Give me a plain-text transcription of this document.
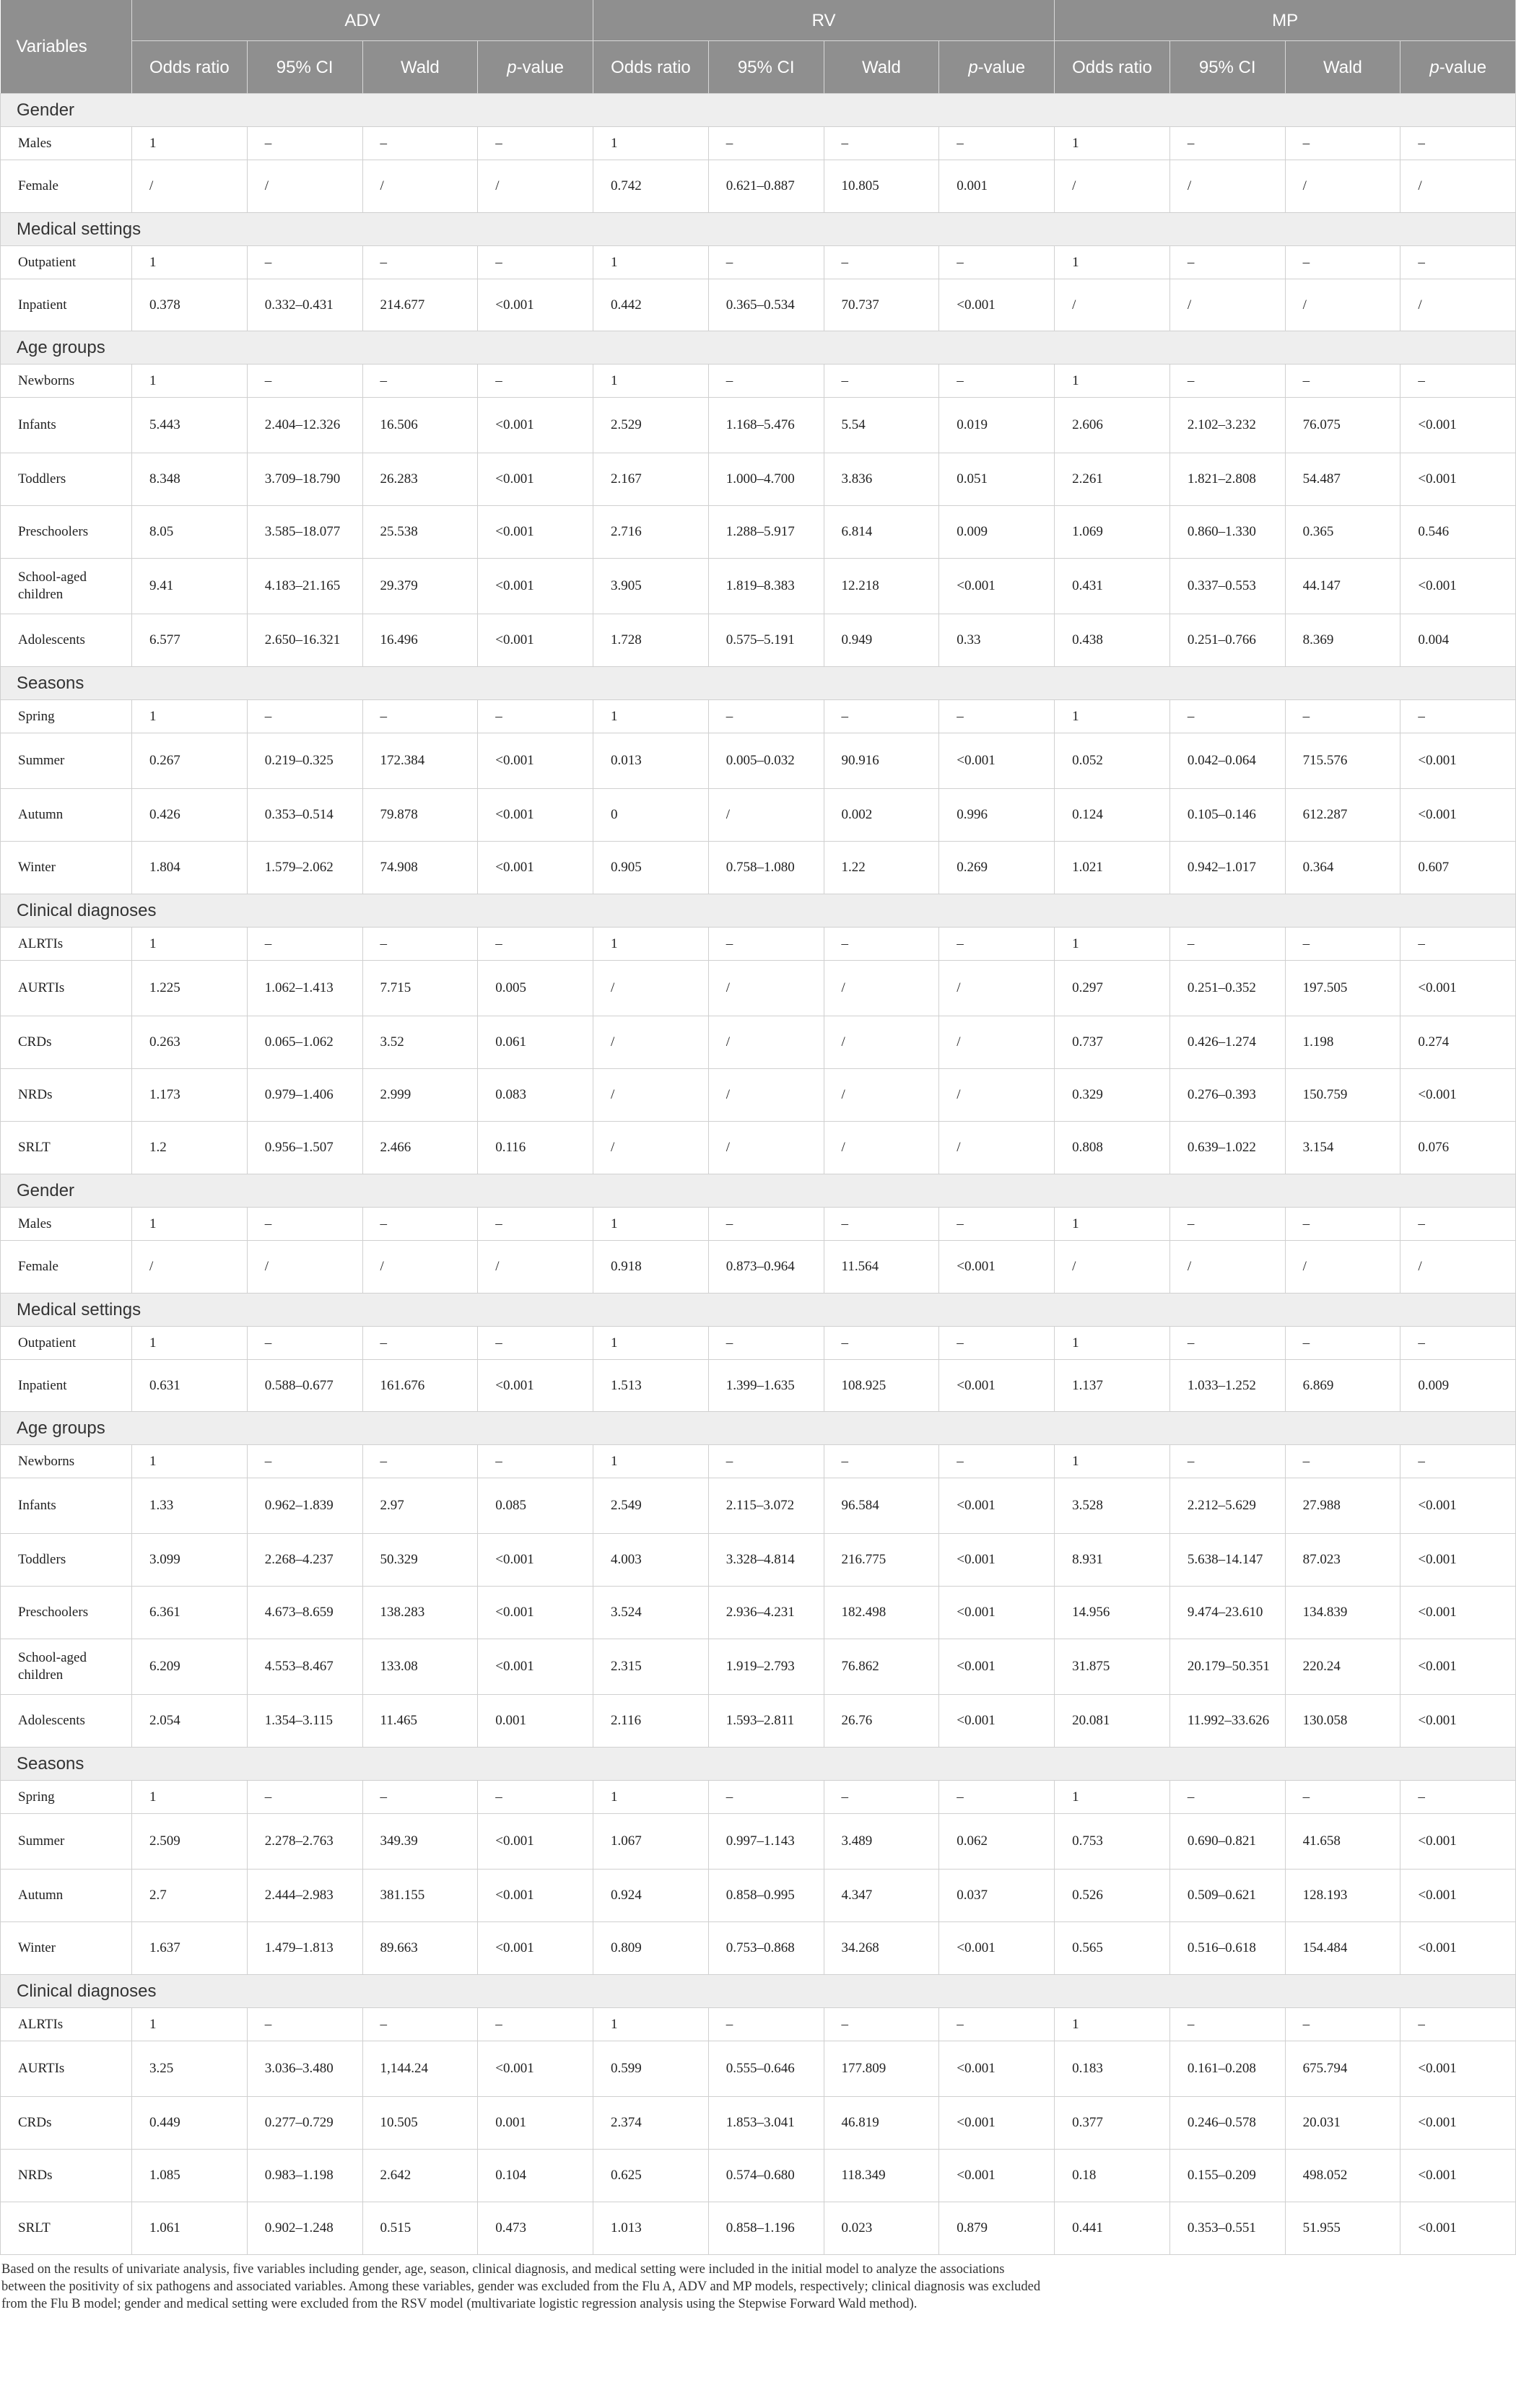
Variables	ADV				RV				MP			
	Odds ratio	95% CI	Wald	p-value	Odds ratio	95% CI	Wald	p-value	Odds ratio	95% CI	Wald	p-value
Gender												
Males	1	–	–	–	1	–	–	–	1	–	–	–
Female	/	/	/	/	0.742	0.621–0.887	10.805	0.001	/	/	/	/
Medical settings												
Outpatient	1	–	–	–	1	–	–	–	1	–	–	–
Inpatient	0.378	0.332–0.431	214.677	<0.001	0.442	0.365–0.534	70.737	<0.001	/	/	/	/
Age groups												
Newborns	1	–	–	–	1	–	–	–	1	–	–	–
Infants	5.443	2.404–12.326	16.506	<0.001	2.529	1.168–5.476	5.54	0.019	2.606	2.102–3.232	76.075	<0.001
Toddlers	8.348	3.709–18.790	26.283	<0.001	2.167	1.000–4.700	3.836	0.051	2.261	1.821–2.808	54.487	<0.001
Preschoolers	8.05	3.585–18.077	25.538	<0.001	2.716	1.288–5.917	6.814	0.009	1.069	0.860–1.330	0.365	0.546
School-aged children	9.41	4.183–21.165	29.379	<0.001	3.905	1.819–8.383	12.218	<0.001	0.431	0.337–0.553	44.147	<0.001
Adolescents	6.577	2.650–16.321	16.496	<0.001	1.728	0.575–5.191	0.949	0.33	0.438	0.251–0.766	8.369	0.004
Seasons												
Spring	1	–	–	–	1	–	–	–	1	–	–	–
Summer	0.267	0.219–0.325	172.384	<0.001	0.013	0.005–0.032	90.916	<0.001	0.052	0.042–0.064	715.576	<0.001
Autumn	0.426	0.353–0.514	79.878	<0.001	0	/	0.002	0.996	0.124	0.105–0.146	612.287	<0.001
Winter	1.804	1.579–2.062	74.908	<0.001	0.905	0.758–1.080	1.22	0.269	1.021	0.942–1.017	0.364	0.607
Clinical diagnoses												
ALRTIs	1	–	–	–	1	–	–	–	1	–	–	–
AURTIs	1.225	1.062–1.413	7.715	0.005	/	/	/	/	0.297	0.251–0.352	197.505	<0.001
CRDs	0.263	0.065–1.062	3.52	0.061	/	/	/	/	0.737	0.426–1.274	1.198	0.274
NRDs	1.173	0.979–1.406	2.999	0.083	/	/	/	/	0.329	0.276–0.393	150.759	<0.001
SRLT	1.2	0.956–1.507	2.466	0.116	/	/	/	/	0.808	0.639–1.022	3.154	0.076
Gender												
Males	1	–	–	–	1	–	–	–	1	–	–	–
Female	/	/	/	/	0.918	0.873–0.964	11.564	<0.001	/	/	/	/
Medical settings												
Outpatient	1	–	–	–	1	–	–	–	1	–	–	–
Inpatient	0.631	0.588–0.677	161.676	<0.001	1.513	1.399–1.635	108.925	<0.001	1.137	1.033–1.252	6.869	0.009
Age groups												
Newborns	1	–	–	–	1	–	–	–	1	–	–	–
Infants	1.33	0.962–1.839	2.97	0.085	2.549	2.115–3.072	96.584	<0.001	3.528	2.212–5.629	27.988	<0.001
Toddlers	3.099	2.268–4.237	50.329	<0.001	4.003	3.328–4.814	216.775	<0.001	8.931	5.638–14.147	87.023	<0.001
Preschoolers	6.361	4.673–8.659	138.283	<0.001	3.524	2.936–4.231	182.498	<0.001	14.956	9.474–23.610	134.839	<0.001
School-aged children	6.209	4.553–8.467	133.08	<0.001	2.315	1.919–2.793	76.862	<0.001	31.875	20.179–50.351	220.24	<0.001
Adolescents	2.054	1.354–3.115	11.465	0.001	2.116	1.593–2.811	26.76	<0.001	20.081	11.992–33.626	130.058	<0.001
Seasons												
Spring	1	–	–	–	1	–	–	–	1	–	–	–
Summer	2.509	2.278–2.763	349.39	<0.001	1.067	0.997–1.143	3.489	0.062	0.753	0.690–0.821	41.658	<0.001
Autumn	2.7	2.444–2.983	381.155	<0.001	0.924	0.858–0.995	4.347	0.037	0.526	0.509–0.621	128.193	<0.001
Winter	1.637	1.479–1.813	89.663	<0.001	0.809	0.753–0.868	34.268	<0.001	0.565	0.516–0.618	154.484	<0.001
Clinical diagnoses												
ALRTIs	1	–	–	–	1	–	–	–	1	–	–	–
AURTIs	3.25	3.036–3.480	1,144.24	<0.001	0.599	0.555–0.646	177.809	<0.001	0.183	0.161–0.208	675.794	<0.001
CRDs	0.449	0.277–0.729	10.505	0.001	2.374	1.853–3.041	46.819	<0.001	0.377	0.246–0.578	20.031	<0.001
NRDs	1.085	0.983–1.198	2.642	0.104	0.625	0.574–0.680	118.349	<0.001	0.18	0.155–0.209	498.052	<0.001
SRLT	1.061	0.902–1.248	0.515	0.473	1.013	0.858–1.196	0.023	0.879	0.441	0.353–0.551	51.955	<0.001
Based on the results of univariate analysis, five variables including gender, age, season, clinical diagnosis, and medical setting were included in the initial model to analyze the associations between the positivity of six pathogens and associated variables. Among these variables, gender was excluded from the Flu A, ADV and MP models, respectively; clinical diagnosis was excluded from the Flu B model; gender and medical setting were excluded from the RSV model (multivariate logistic regression analysis using the Stepwise Forward Wald method).
